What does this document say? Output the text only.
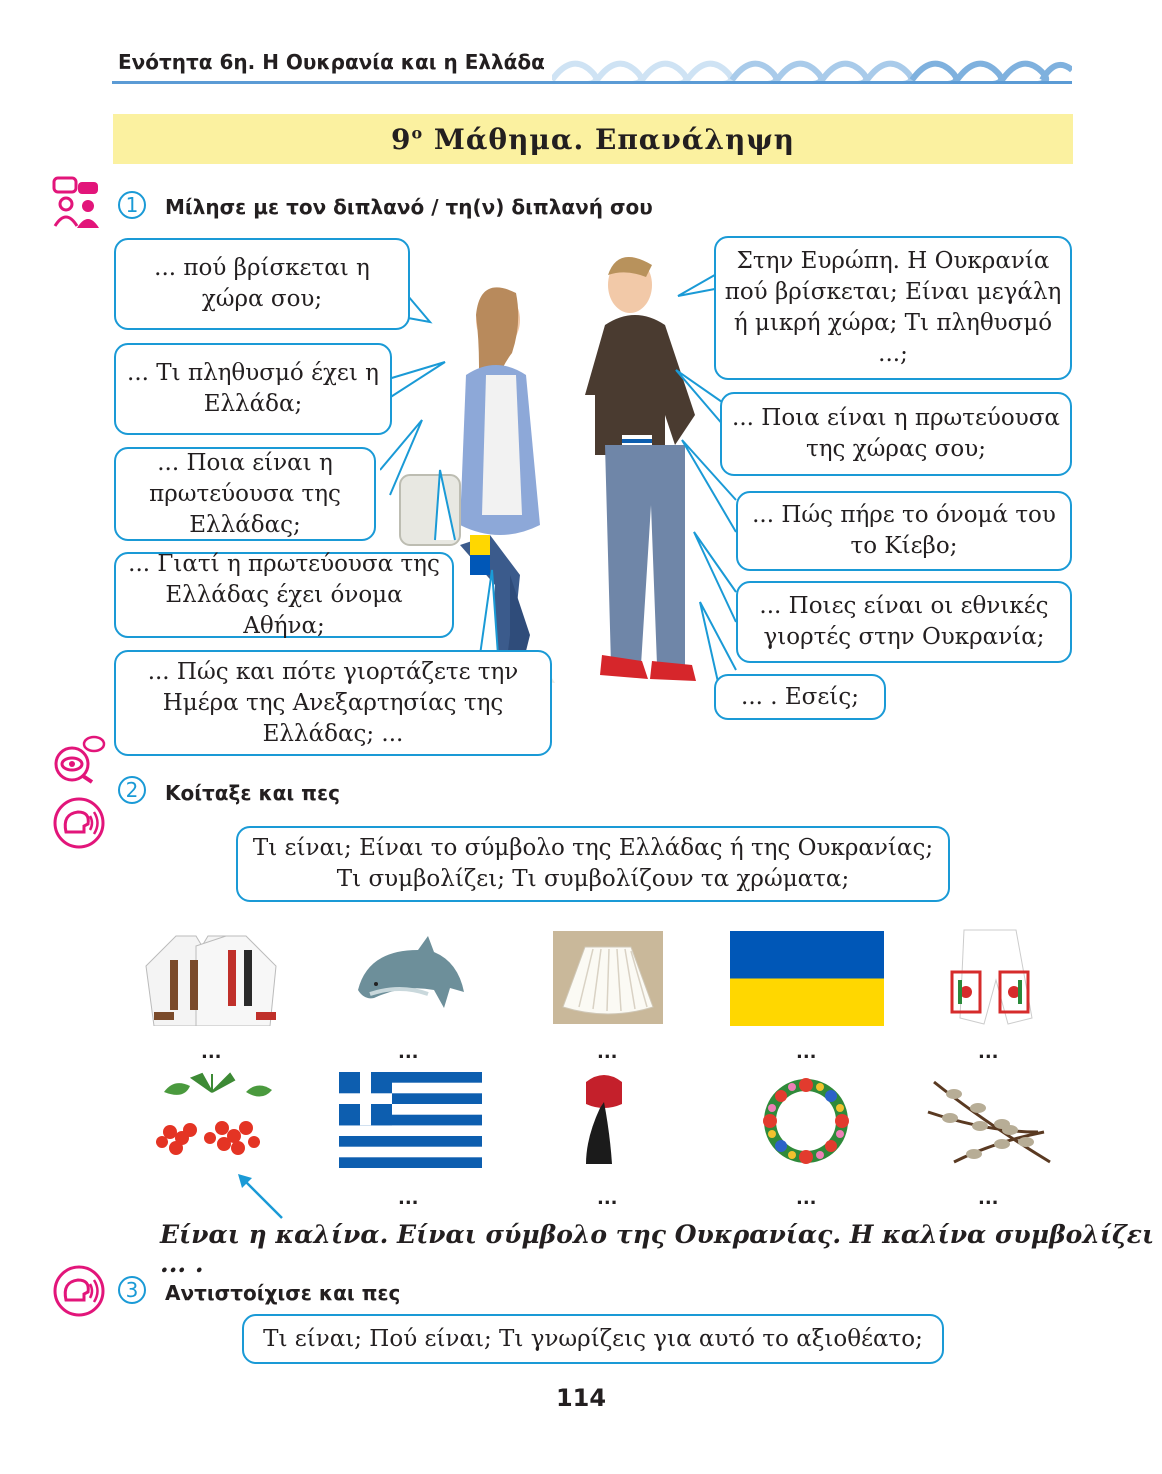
Ενότητα 6η. Η Ουκρανία και η Ελλάδα
$9^o$ Μάθημα. Επανάληψη
1	Μίλησε με τον διπλανό / τη(ν) διπλανή σου
... πού βρίσκεται η χώρα σου;
... Τι πληθυσμό έχει η Ελλάδα;
... Ποια είναι η πρωτεύουσα της Ελλάδας;
... Γιατί η πρωτεύουσα της Ελλάδας έχει όνομα Αθήνα;
... Πώς και πότε γιορτάζετε την Ημέρα της Ανεξαρτησίας της Ελλάδας; ...
Στην Ευρώπη. Η Ουκρανία πού βρίσκεται; Είναι μεγάλη ή μικρή χώρα; Τι πληθυσμό ...;
... Ποια είναι η πρωτεύουσα της χώρας σου;
... Πώς πήρε το όνομά του το Κίεβο;
... Ποιες είναι οι εθνικές γιορτές στην Ουκρανία;
... . Εσείς;
2	Κοίταξε και πες
Τι είναι; Είναι το σύμβολο της Ελλάδας ή της Ουκρανίας;
Τι συμβολίζει; Τι συμβολίζουν τα χρώματα;
...	...	...	...	...
...	...	...	...
Είναι η καλίνα. Είναι σύμβολο της Ουκρανίας. Η καλίνα συμβολίζει ... .
3	Αντιστοίχισε και πες
Τι είναι; Πού είναι; Τι γνωρίζεις για αυτό το αξιοθέατο;
114
